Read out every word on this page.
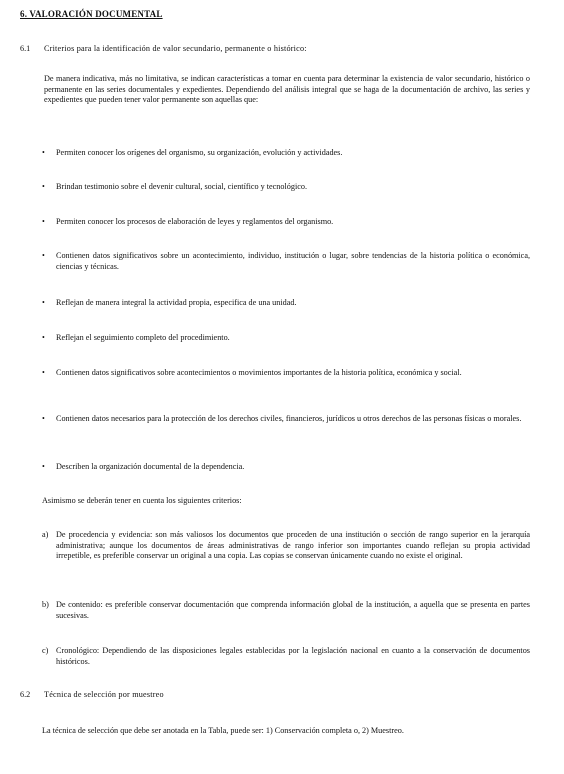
6. VALORACIÓN DOCUMENTAL
6.1 Criterios para la identificación de valor secundario, permanente o histórico:
De manera indicativa, más no limitativa, se indican características a tomar en cuenta para determinar la existencia de valor secundario, histórico o permanente en las series documentales y expedientes. Dependiendo del análisis integral que se haga de la documentación de archivo, las series y expedientes que pueden tener valor permanente son aquellas que:
• Permiten conocer los orígenes del organismo, su organización, evolución y actividades.
• Brindan testimonio sobre el devenir cultural, social, científico y tecnológico.
• Permiten conocer los procesos de elaboración de leyes y reglamentos del organismo.
• Contienen datos significativos sobre un acontecimiento, individuo, institución o lugar, sobre tendencias de la historia política o económica, ciencias y técnicas.
• Reflejan de manera integral la actividad propia, especifica de una unidad.
• Reflejan el seguimiento completo del procedimiento.
• Contienen datos significativos sobre acontecimientos o movimientos importantes de la historia política, económica y social.
• Contienen datos necesarios para la protección de los derechos civiles, financieros, jurídicos u otros derechos de las personas físicas o morales.
• Describen la organización documental de la dependencia.
Asimismo se deberán tener en cuenta los siguientes criterios:
a) De procedencia y evidencia: son más valiosos los documentos que proceden de una institución o sección de rango superior en la jerarquía administrativa; aunque los documentos de áreas administrativas de rango inferior son importantes cuando reflejan su propia actividad irrepetible, es preferible conservar un original a una copia. Las copias se conservan únicamente cuando no existe el original.
b) De contenido: es preferible conservar documentación que comprenda información global de la institución, a aquella que se presenta en partes sucesivas.
c) Cronológico: Dependiendo de las disposiciones legales establecidas por la legislación nacional en cuanto a la conservación de documentos históricos.
6.2 Técnica de selección por muestreo
La técnica de selección que debe ser anotada en la Tabla, puede ser: 1) Conservación completa o, 2) Muestreo.
